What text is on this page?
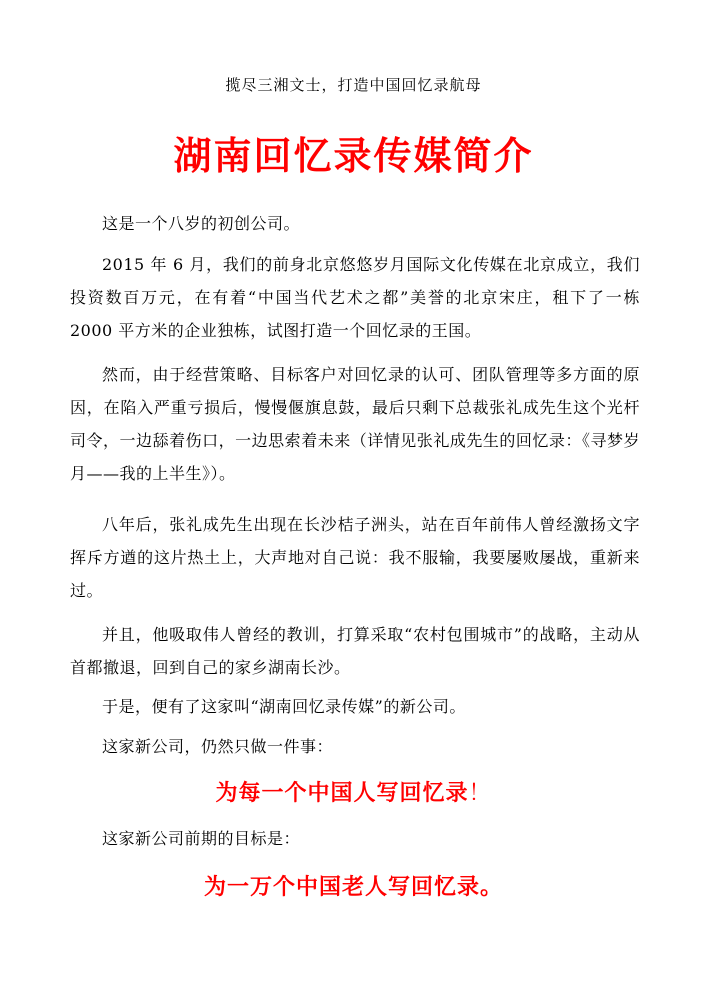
揽尽三湘文士，打造中国回忆录航母
湖南回忆录传媒简介
这是一个八岁的初创公司。
2015 年 6 月，我们的前身北京悠悠岁月国际文化传媒在北京成立，我们投资数百万元，在有着“中国当代艺术之都”美誉的北京宋庄，租下了一栋 2000 平方米的企业独栋，试图打造一个回忆录的王国。
然而，由于经营策略、目标客户对回忆录的认可、团队管理等多方面的原因，在陷入严重亏损后，慢慢偃旗息鼓，最后只剩下总裁张礼成先生这个光杆司令，一边舔着伤口，一边思索着未来（详情见张礼成先生的回忆录：《寻梦岁月——我的上半生》）。
八年后，张礼成先生出现在长沙桔子洲头，站在百年前伟人曾经激扬文字挥斥方遒的这片热土上，大声地对自己说：我不服输，我要屡败屡战，重新来过。
并且，他吸取伟人曾经的教训，打算采取“农村包围城市”的战略，主动从首都撤退，回到自己的家乡湖南长沙。
于是，便有了这家叫“湖南回忆录传媒”的新公司。
这家新公司，仍然只做一件事：
为每一个中国人写回忆录！
这家新公司前期的目标是：
为一万个中国老人写回忆录。
